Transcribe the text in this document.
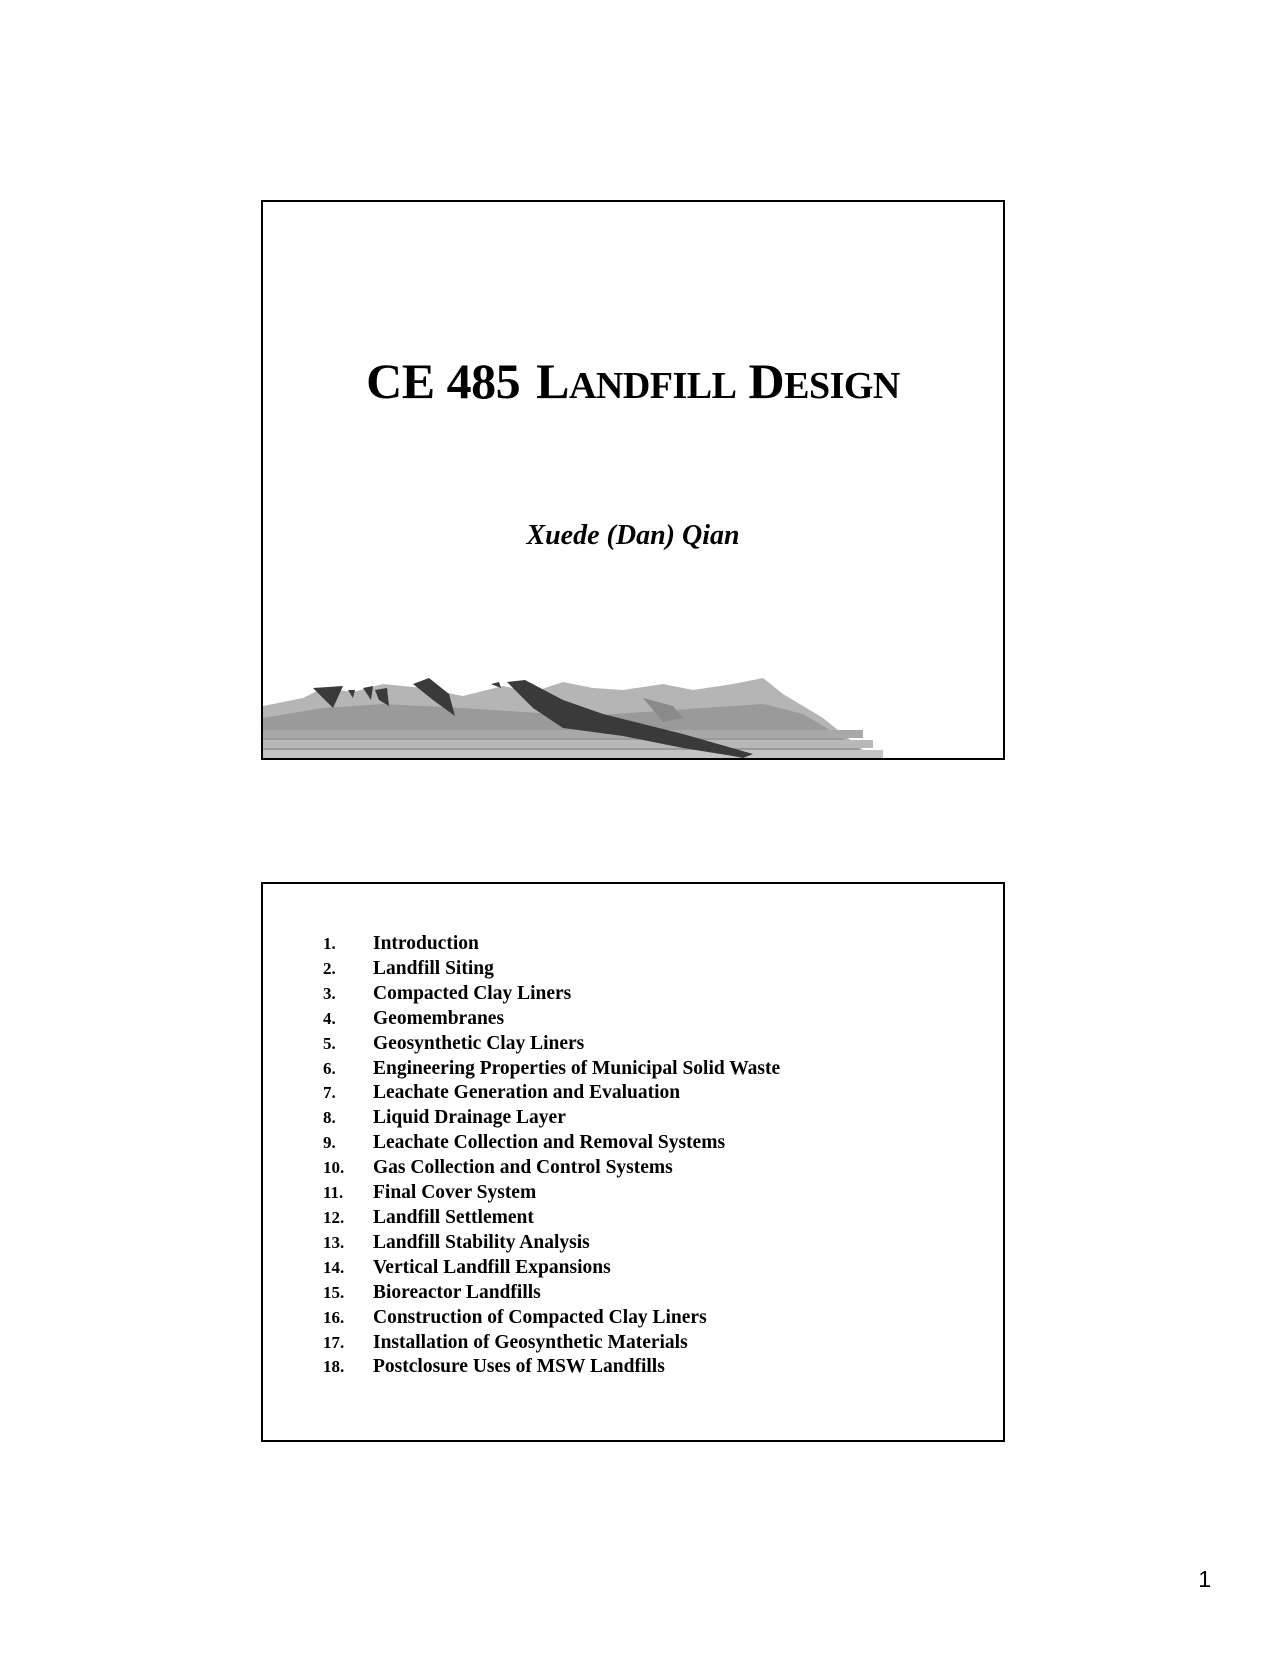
CE 485 LANDFILL DESIGN
Xuede (Dan) Qian
1.	Introduction
2.	Landfill Siting
3.	Compacted Clay Liners
4.	Geomembranes
5.	Geosynthetic Clay Liners
6.	Engineering Properties of Municipal Solid Waste
7.	Leachate Generation and Evaluation
8.	Liquid Drainage Layer
9.	Leachate Collection and Removal Systems
10.	Gas Collection and Control Systems
11.	Final Cover System
12.	Landfill Settlement
13.	Landfill Stability Analysis
14.	Vertical Landfill Expansions
15.	Bioreactor Landfills
16.	Construction of Compacted Clay Liners
17.	Installation of Geosynthetic Materials
18.	Postclosure Uses of MSW Landfills
1
